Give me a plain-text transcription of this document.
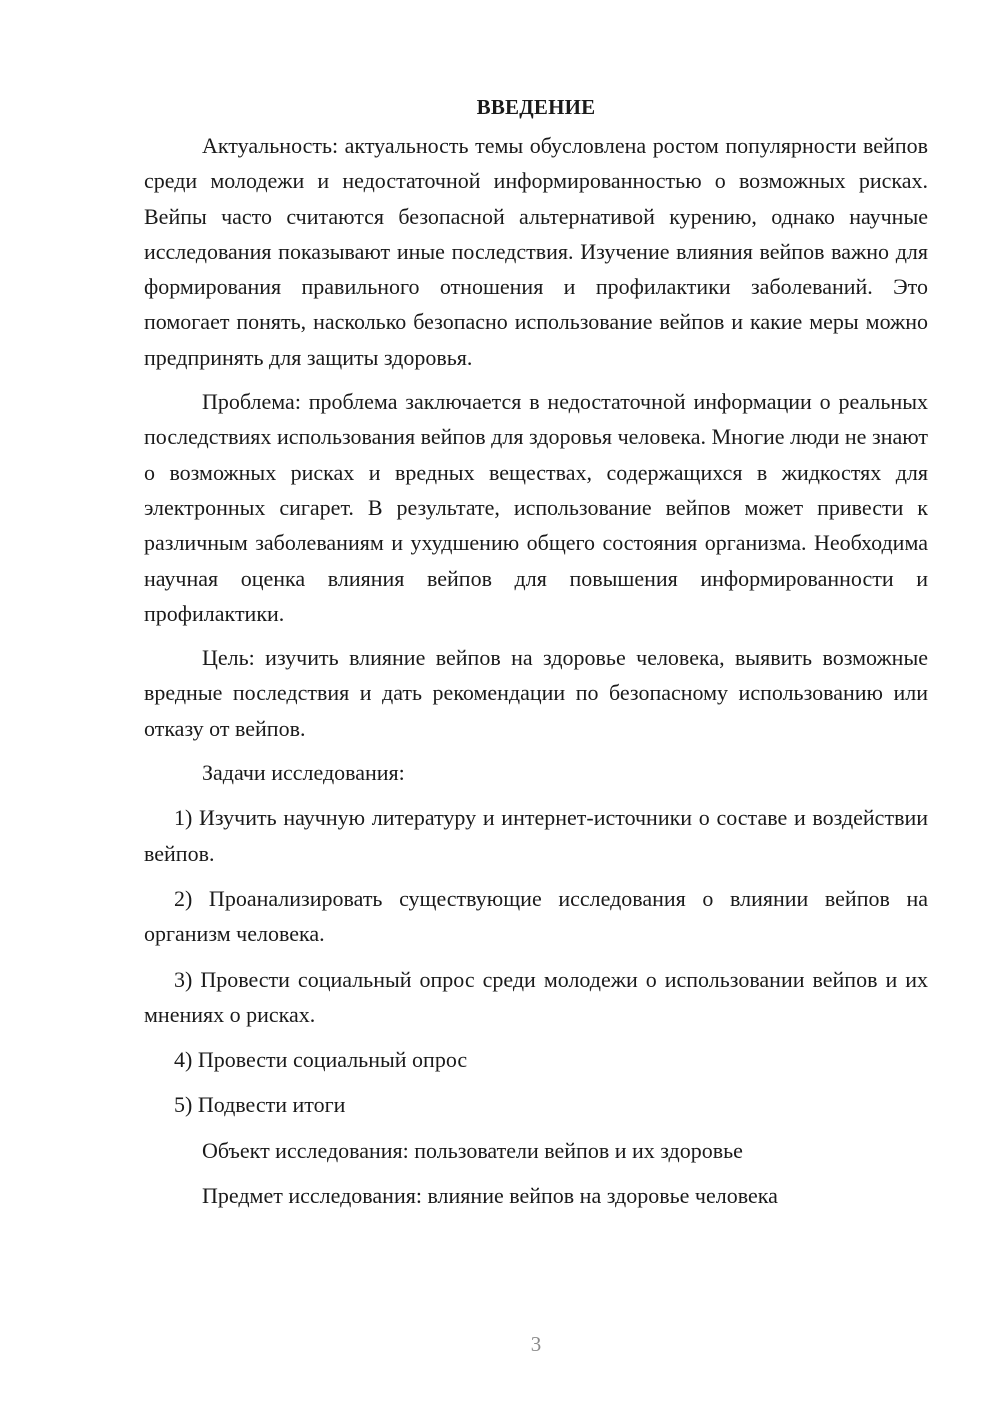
ВВЕДЕНИЕ

Актуальность: актуальность темы обусловлена ростом популярности вейпов среди молодежи и недостаточной информированностью о возможных рисках. Вейпы часто считаются безопасной альтернативой курению, однако научные исследования показывают иные последствия. Изучение влияния вейпов важно для формирования правильного отношения и профилактики заболеваний. Это помогает понять, насколько безопасно использование вейпов и какие меры можно предпринять для защиты здоровья.

Проблема: проблема заключается в недостаточной информации о реальных последствиях использования вейпов для здоровья человека. Многие люди не знают о возможных рисках и вредных веществах, содержащихся в жидкостях для электронных сигарет. В результате, использование вейпов может привести к различным заболеваниям и ухудшению общего состояния организма. Необходима научная оценка влияния вейпов для повышения информированности и профилактики.

Цель: изучить влияние вейпов на здоровье человека, выявить возможные вредные последствия и дать рекомендации по безопасному использованию или отказу от вейпов.

Задачи исследования:

1) Изучить научную литературу и интернет-источники о составе и воздействии вейпов.

2) Проанализировать существующие исследования о влиянии вейпов на организм человека.

3) Провести социальный опрос среди молодежи о использовании вейпов и их мнениях о рисках.

4) Провести социальный опрос

5) Подвести итоги

Объект исследования: пользователи вейпов и их здоровье

Предмет исследования: влияние вейпов на здоровье человека

3
